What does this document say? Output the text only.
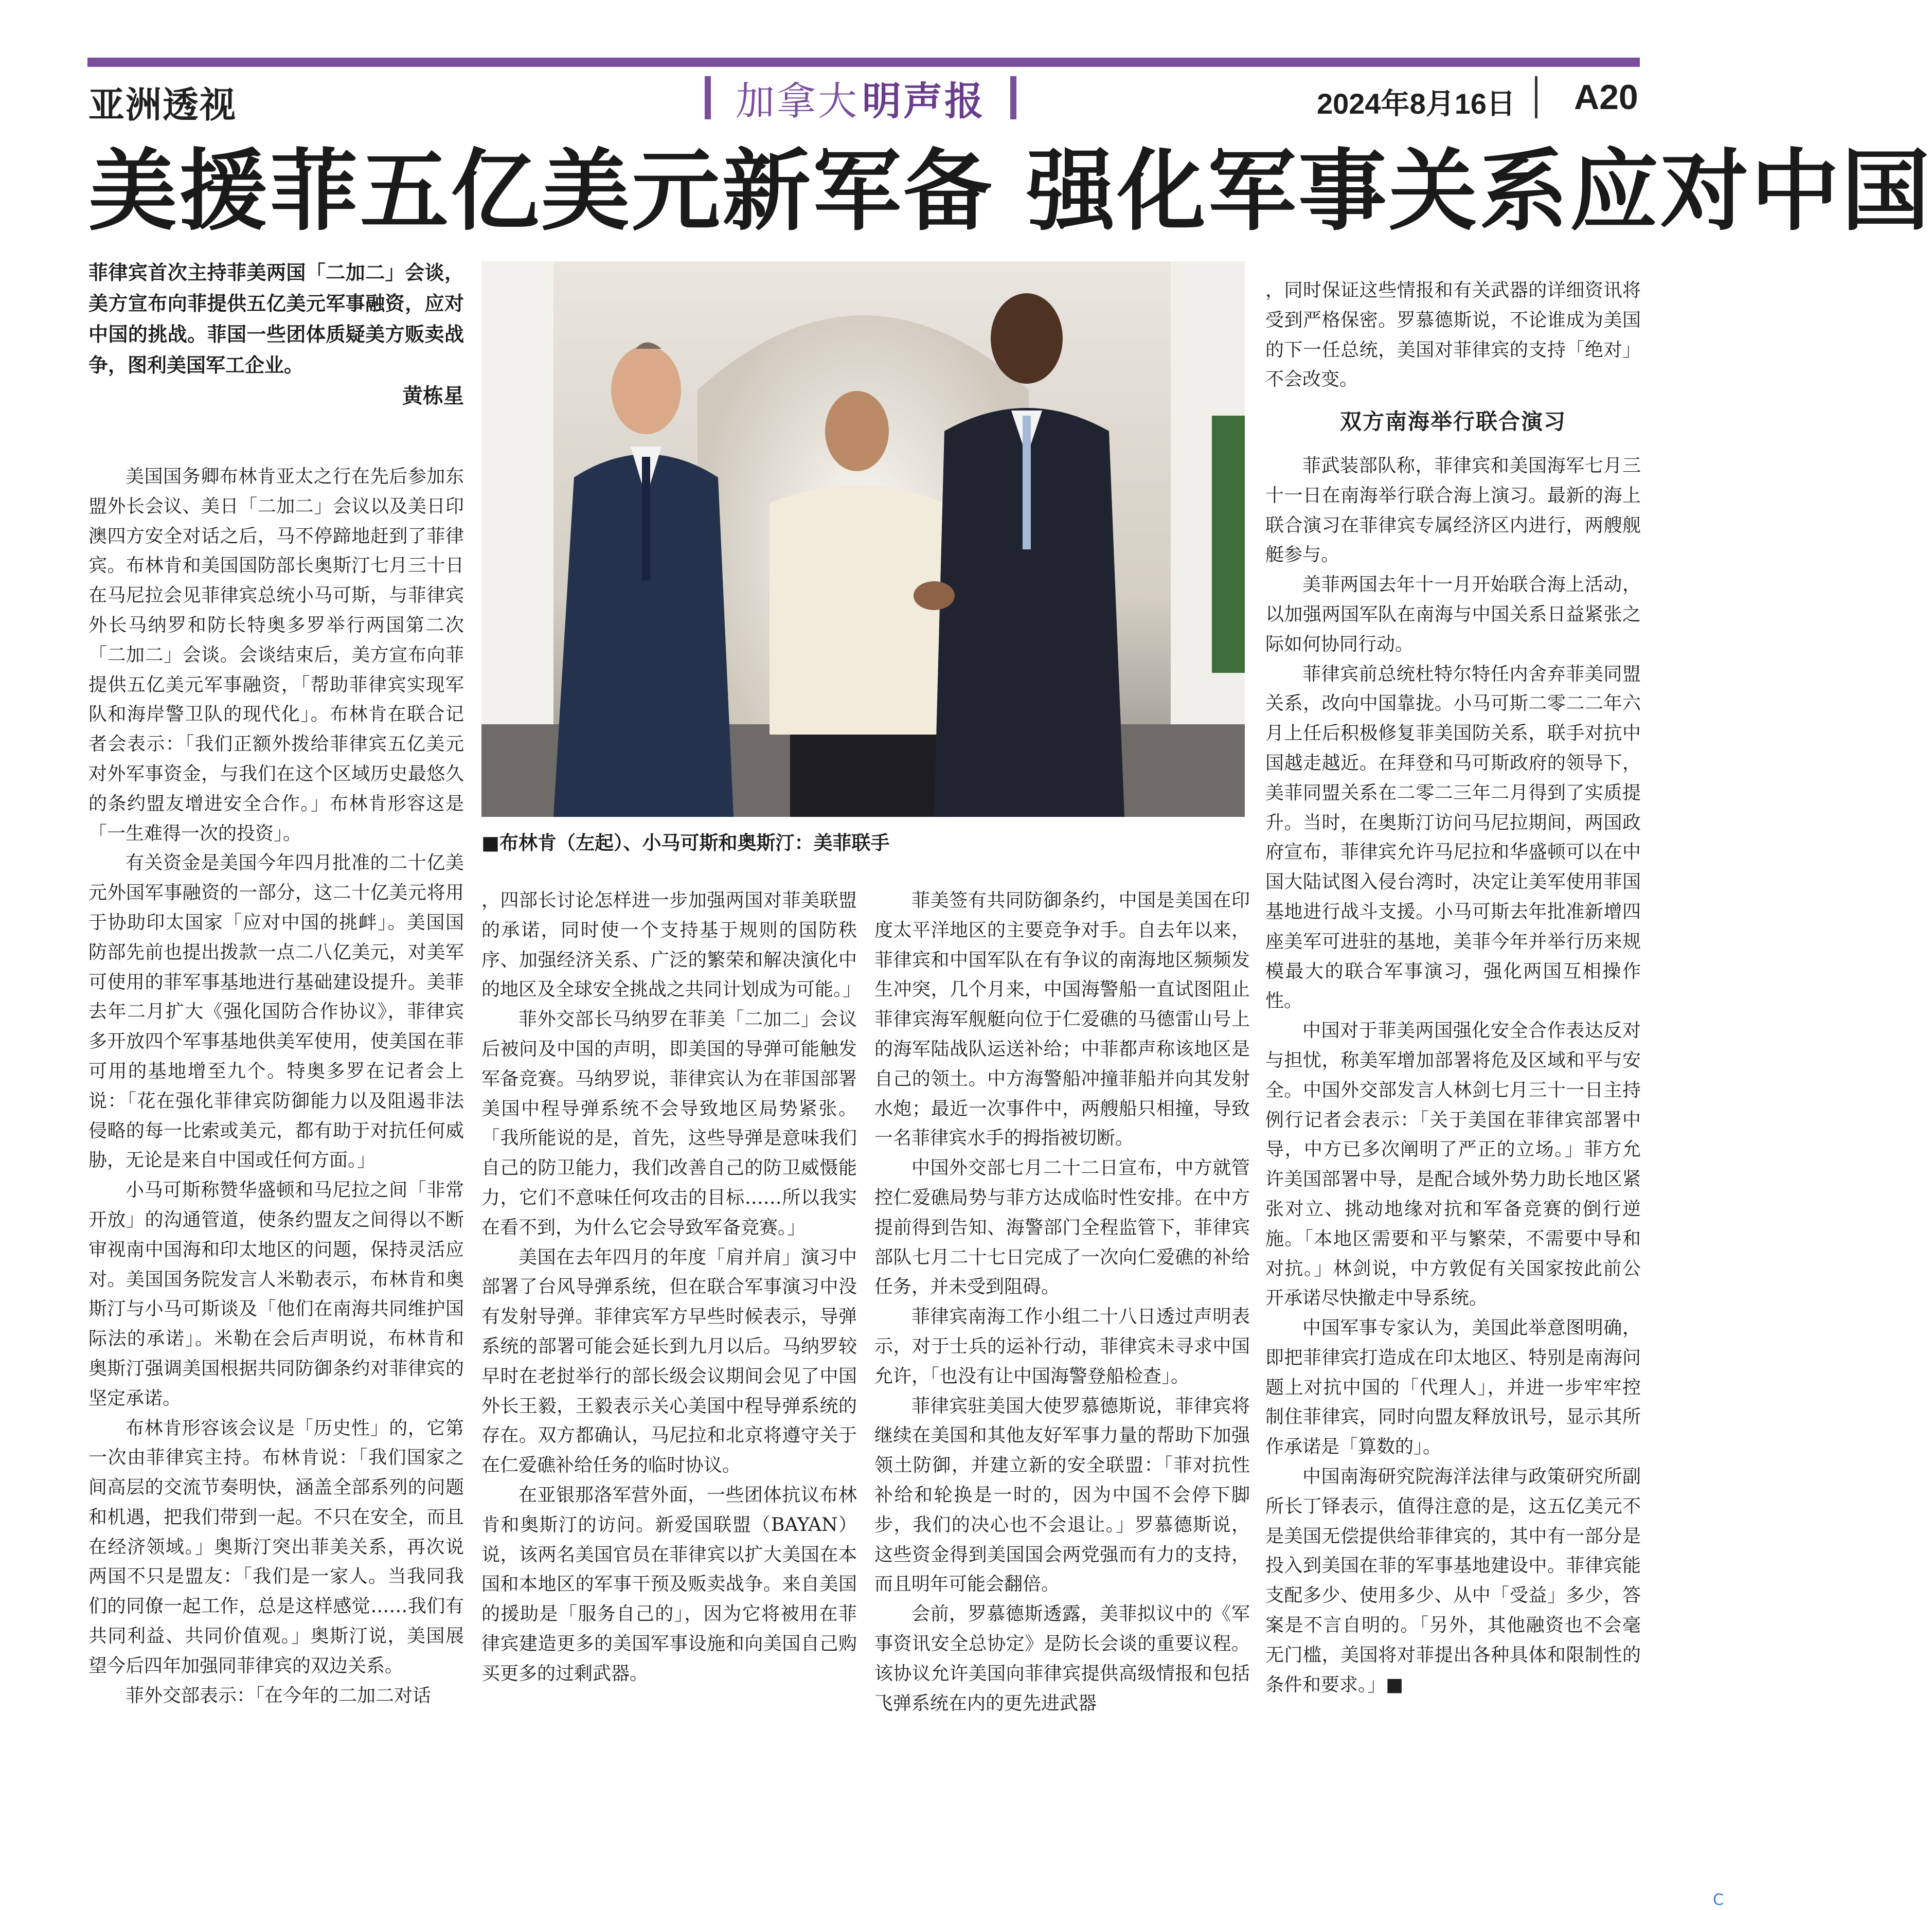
亚洲透视	加拿大 明声报	2024年8月16日 A20
美援菲五亿美元新军备 强化军事关系应对中国
菲律宾首次主持菲美两国「二加二」会谈，美方宣布向菲提供五亿美元军事融资，应对中国的挑战。菲国一些团体质疑美方贩卖战争，图利美国军工企业。
黄栋星

美国国务卿布林肯亚太之行在先后参加东盟外长会议、美日「二加二」会议以及美日印澳四方安全对话之后，马不停蹄地赶到了菲律宾。布林肯和美国国防部长奥斯汀七月三十日在马尼拉会见菲律宾总统小马可斯，与菲律宾外长马纳罗和防长特奥多罗举行两国第二次「二加二」会谈。会谈结束后，美方宣布向菲提供五亿美元军事融资，「帮助菲律宾实现军队和海岸警卫队的现代化」。布林肯在联合记者会表示：「我们正额外拨给菲律宾五亿美元对外军事资金，与我们在这个区域历史最悠久的条约盟友增进安全合作。」布林肯形容这是「一生难得一次的投资」。

有关资金是美国今年四月批准的二十亿美元外国军事融资的一部分，这二十亿美元将用于协助印太国家「应对中国的挑衅」。美国国防部先前也提出拨款一点二八亿美元，对美军可使用的菲军事基地进行基础建设提升。美菲去年二月扩大《强化国防合作协议》，菲律宾多开放四个军事基地供美军使用，使美国在菲可用的基地增至九个。特奥多罗在记者会上说：「花在强化菲律宾防御能力以及阻遏非法侵略的每一比索或美元，都有助于对抗任何威胁，无论是来自中国或任何方面。」

小马可斯称赞华盛顿和马尼拉之间「非常开放」的沟通管道，使条约盟友之间得以不断审视南中国海和印太地区的问题，保持灵活应对。美国国务院发言人米勒表示，布林肯和奥斯汀与小马可斯谈及「他们在南海共同维护国际法的承诺」。米勒在会后声明说，布林肯和奥斯汀强调美国根据共同防御条约对菲律宾的坚定承诺。

布林肯形容该会议是「历史性」的，它第一次由菲律宾主持。布林肯说：「我们国家之间高层的交流节奏明快，涵盖全部系列的问题和机遇，把我们带到一起。不只在安全，而且在经济领域。」奥斯汀突出菲美关系，再次说两国不只是盟友：「我们是一家人。当我同我们的同僚一起工作，总是这样感觉……我们有共同利益、共同价值观。」奥斯汀说，美国展望今后四年加强同菲律宾的双边关系。

菲外交部表示：「在今年的二加二对话

■布林肯（左起）、小马可斯和奥斯汀：美菲联手

，四部长讨论怎样进一步加强两国对菲美联盟的承诺，同时使一个支持基于规则的国防秩序、加强经济关系、广泛的繁荣和解决演化中的地区及全球安全挑战之共同计划成为可能。」

菲外交部长马纳罗在菲美「二加二」会议后被问及中国的声明，即美国的导弹可能触发军备竞赛。马纳罗说，菲律宾认为在菲国部署美国中程导弹系统不会导致地区局势紧张。「我所能说的是，首先，这些导弹是意味我们自己的防卫能力，我们改善自己的防卫威慑能力，它们不意味任何攻击的目标……所以我实在看不到，为什么它会导致军备竞赛。」

美国在去年四月的年度「肩并肩」演习中部署了台风导弹系统，但在联合军事演习中没有发射导弹。菲律宾军方早些时候表示，导弹系统的部署可能会延长到九月以后。马纳罗较早时在老挝举行的部长级会议期间会见了中国外长王毅，王毅表示关心美国中程导弹系统的存在。双方都确认，马尼拉和北京将遵守关于在仁爱礁补给任务的临时协议。

在亚银那洛军营外面，一些团体抗议布林肯和奥斯汀的访问。新爱国联盟（BAYAN）说，该两名美国官员在菲律宾以扩大美国在本国和本地区的军事干预及贩卖战争。来自美国的援助是「服务自己的」，因为它将被用在菲律宾建造更多的美国军事设施和向美国自己购买更多的过剩武器。

菲美签有共同防御条约，中国是美国在印度太平洋地区的主要竞争对手。自去年以来，菲律宾和中国军队在有争议的南海地区频频发生冲突，几个月来，中国海警船一直试图阻止菲律宾海军舰艇向位于仁爱礁的马德雷山号上的海军陆战队运送补给；中菲都声称该地区是自己的领土。中方海警船冲撞菲船并向其发射水炮；最近一次事件中，两艘船只相撞，导致一名菲律宾水手的拇指被切断。

中国外交部七月二十二日宣布，中方就管控仁爱礁局势与菲方达成临时性安排。在中方提前得到告知、海警部门全程监管下，菲律宾部队七月二十七日完成了一次向仁爱礁的补给任务，并未受到阻碍。

菲律宾南海工作小组二十八日透过声明表示，对于士兵的运补行动，菲律宾未寻求中国允许，「也没有让中国海警登船检查」。

菲律宾驻美国大使罗慕德斯说，菲律宾将继续在美国和其他友好军事力量的帮助下加强领土防御，并建立新的安全联盟：「菲对抗性补给和轮换是一时的，因为中国不会停下脚步，我们的决心也不会退让。」罗慕德斯说，这些资金得到美国国会两党强而有力的支持，而且明年可能会翻倍。

会前，罗慕德斯透露，美菲拟议中的《军事资讯安全总协定》是防长会谈的重要议程。该协议允许美国向菲律宾提供高级情报和包括飞弹系统在内的更先进武器

，同时保证这些情报和有关武器的详细资讯将受到严格保密。罗慕德斯说，不论谁成为美国的下一任总统，美国对菲律宾的支持「绝对」不会改变。

双方南海举行联合演习

菲武装部队称，菲律宾和美国海军七月三十一日在南海举行联合海上演习。最新的海上联合演习在菲律宾专属经济区内进行，两艘舰艇参与。

美菲两国去年十一月开始联合海上活动，以加强两国军队在南海与中国关系日益紧张之际如何协同行动。

菲律宾前总统杜特尔特任内舍弃菲美同盟关系，改向中国靠拢。小马可斯二零二二年六月上任后积极修复菲美国防关系，联手对抗中国越走越近。在拜登和马可斯政府的领导下，美菲同盟关系在二零二三年二月得到了实质提升。当时，在奥斯汀访问马尼拉期间，两国政府宣布，菲律宾允许马尼拉和华盛顿可以在中国大陆试图入侵台湾时，决定让美军使用菲国基地进行战斗支援。小马可斯去年批准新增四座美军可进驻的基地，美菲今年并举行历来规模最大的联合军事演习，强化两国互相操作性。

中国对于菲美两国强化安全合作表达反对与担忧，称美军增加部署将危及区域和平与安全。中国外交部发言人林剑七月三十一日主持例行记者会表示：「关于美国在菲律宾部署中导，中方已多次阐明了严正的立场。」菲方允许美国部署中导，是配合域外势力助长地区紧张对立、挑动地缘对抗和军备竞赛的倒行逆施。「本地区需要和平与繁荣，不需要中导和对抗。」林剑说，中方敦促有关国家按此前公开承诺尽快撤走中导系统。

中国军事专家认为，美国此举意图明确，即把菲律宾打造成在印太地区、特别是南海问题上对抗中国的「代理人」，并进一步牢牢控制住菲律宾，同时向盟友释放讯号，显示其所作承诺是「算数的」。

中国南海研究院海洋法律与政策研究所副所长丁铎表示，值得注意的是，这五亿美元不是美国无偿提供给菲律宾的，其中有一部分是投入到美国在菲的军事基地建设中。菲律宾能支配多少、使用多少、从中「受益」多少，答案是不言自明的。「另外，其他融资也不会毫无门槛，美国将对菲提出各种具体和限制性的条件和要求。」■

C
